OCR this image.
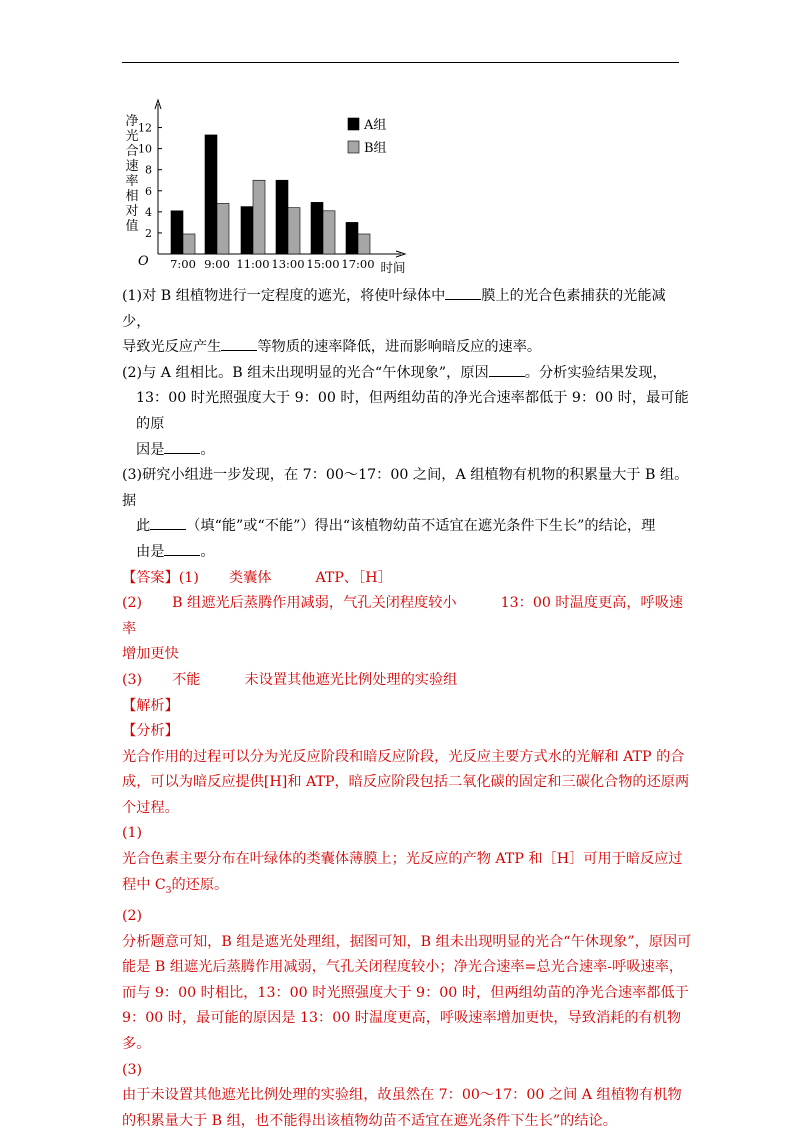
净
光
合
速
率
相
对
值
O 7:00 9:00 11:00 13:00 15:00 17:00 时间
2
4
6
8
10
12	A组
B组

(1)对 B 组植物进行一定程度的遮光，将使叶绿体中	膜上的光合色素捕获的光能减少，

导致光反应产生	等物质的速率降低，进而影响暗反应的速率。

(2)与 A 组相比。B 组未出现明显的光合“午休现象”，原因	。分析实验结果发现，

13：00 时光照强度大于 9：00 时，但两组幼苗的净光合速率都低于 9：00 时，最可能的原

因是	。

(3)研究小组进一步发现，在 7：00～17：00 之间，A 组植物有机物的积累量大于 B 组。据

此	（填“能”或“不能”）得出“该植物幼苗不适宜在遮光条件下生长”的结论，理

由是	。

【答案】(1) 类囊体	ATP、［H］

(2) B 组遮光后蒸腾作用减弱，气孔关闭程度较小	13：00 时温度更高，呼吸速率

增加更快

(3) 不能	未设置其他遮光比例处理的实验组

【解析】

【分析】

光合作用的过程可以分为光反应阶段和暗反应阶段，光反应主要方式水的光解和 ATP 的合成，可以为暗反应提供[H]和 ATP，暗反应阶段包括二氧化碳的固定和三碳化合物的还原两个过程。

(1)

光合色素主要分布在叶绿体的类囊体薄膜上；光反应的产物 ATP 和［H］可用于暗反应过程中 $C_3$的还原。

(2)

分析题意可知，B 组是遮光处理组，据图可知，B 组未出现明显的光合“午休现象”，原因可能是 B 组遮光后蒸腾作用减弱，气孔关闭程度较小；净光合速率=总光合速率-呼吸速率，而与 9：00 时相比，13：00 时光照强度大于 9：00 时，但两组幼苗的净光合速率都低于 9：00 时，最可能的原因是 13：00 时温度更高，呼吸速率增加更快，导致消耗的有机物多。

(3)

由于未设置其他遮光比例处理的实验组，故虽然在 7：00～17：00 之间 A 组植物有机物的积累量大于 B 组，也不能得出该植物幼苗不适宜在遮光条件下生长”的结论。
